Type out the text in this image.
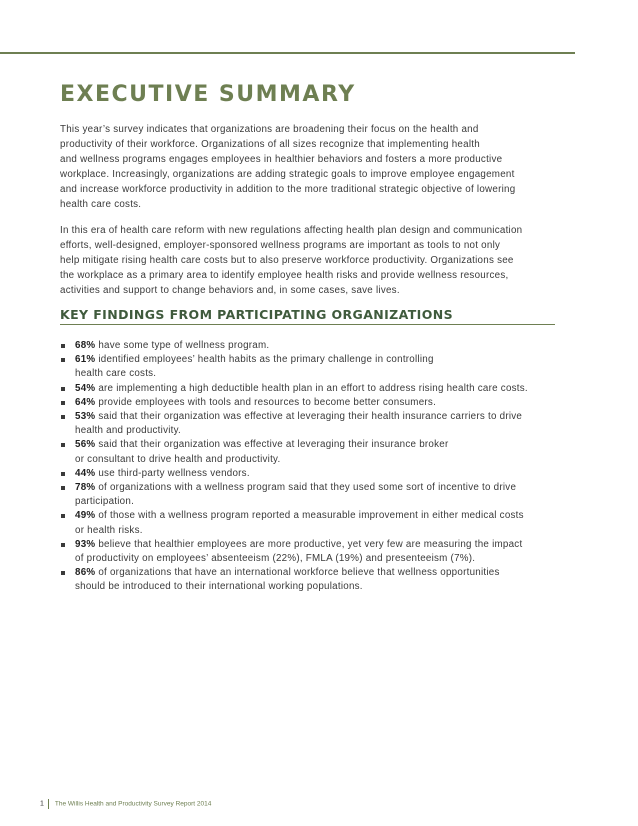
EXECUTIVE SUMMARY

This year’s survey indicates that organizations are broadening their focus on the health and
productivity of their workforce. Organizations of all sizes recognize that implementing health
and wellness programs engages employees in healthier behaviors and fosters a more productive
workplace. Increasingly, organizations are adding strategic goals to improve employee engagement
and increase workforce productivity in addition to the more traditional strategic objective of lowering
health care costs.

In this era of health care reform with new regulations affecting health plan design and communication
efforts, well-designed, employer-sponsored wellness programs are important as tools to not only
help mitigate rising health care costs but to also preserve workforce productivity. Organizations see
the workplace as a primary area to identify employee health risks and provide wellness resources,
activities and support to change behaviors and, in some cases, save lives.

KEY FINDINGS FROM PARTICIPATING ORGANIZATIONS
68% have some type of wellness program.
61% identified employees’ health habits as the primary challenge in controlling
health care costs.
54% are implementing a high deductible health plan in an effort to address rising health care costs.
64% provide employees with tools and resources to become better consumers.
53% said that their organization was effective at leveraging their health insurance carriers to drive
health and productivity.
56% said that their organization was effective at leveraging their insurance broker
or consultant to drive health and productivity.
44% use third-party wellness vendors.
78% of organizations with a wellness program said that they used some sort of incentive to drive
participation.
49% of those with a wellness program reported a measurable improvement in either medical costs
or health risks.
93% believe that healthier employees are more productive, yet very few are measuring the impact
of productivity on employees’ absenteeism (22%), FMLA (19%) and presenteeism (7%).
86% of organizations that have an international workforce believe that wellness opportunities
should be introduced to their international working populations.
1 The Willis Health and Productivity Survey Report 2014
